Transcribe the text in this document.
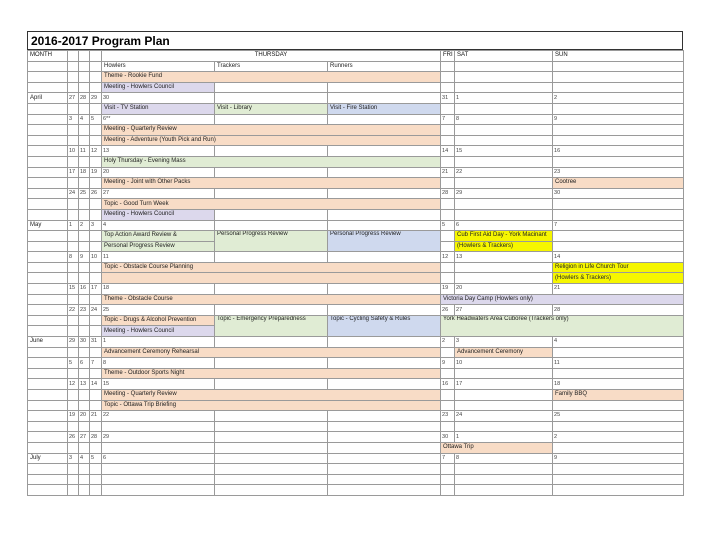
2016-2017 Program Plan
MONTH				THURSDAY			FRI	SAT	SUN
				Howlers	Trackers	Runners			
				Theme - Rookie Fund					
				Meeting - Howlers Council					
April	27	28	29	30			31	1	2
				Visit - TV Station	Visit - Library	Visit - Fire Station			
	3	4	5	6**			7	8	9
				Meeting - Quarterly Review					
				Meeting - Adventure (Youth Pick and Run)					
	10	11	12	13			14	15	16
				Holy Thursday - Evening Mass					
	17	18	19	20			21	22	23
				Meeting - Joint with Other Packs					Cootree
	24	25	26	27			28	29	30
				Topic - Good Turn Week					
				Meeting - Howlers Council					
May	1	2	3	4			5	6	7
				Top Action Award Review &	Personal Progress Review	Personal Progress Review		Cub First Aid Day - York Macinant	
				Personal Progress Review				(Howlers & Trackers)	
	8	9	10	11			12	13	14
				Topic - Obstacle Course Planning					Religion in Life Church Tour
									(Howlers & Trackers)
	15	16	17	18			19	20	21
				Theme - Obstacle Course			Victoria Day Camp (Howlers only)		
	22	23	24	25			26	27	28
				Topic - Drugs & Alcohol Prevention	Topic - Emergency Preparedness	Topic - Cycling Safety & Rules	York Headwaters Area Cuboree (Trackers only)		
				Meeting - Howlers Council					
June	29	30	31	1			2	3	4
				Advancement Ceremony Rehearsal				Advancement Ceremony	
	5	6	7	8			9	10	11
				Theme - Outdoor Sports Night					
	12	13	14	15			16	17	18
				Meeting - Quarterly Review					Family BBQ
				Topic - Ottawa Trip Briefing					
	19	20	21	22			23	24	25

	26	27	28	29			30	1	2
							Ottawa Trip		
July	3	4	5	6			7	8	9
